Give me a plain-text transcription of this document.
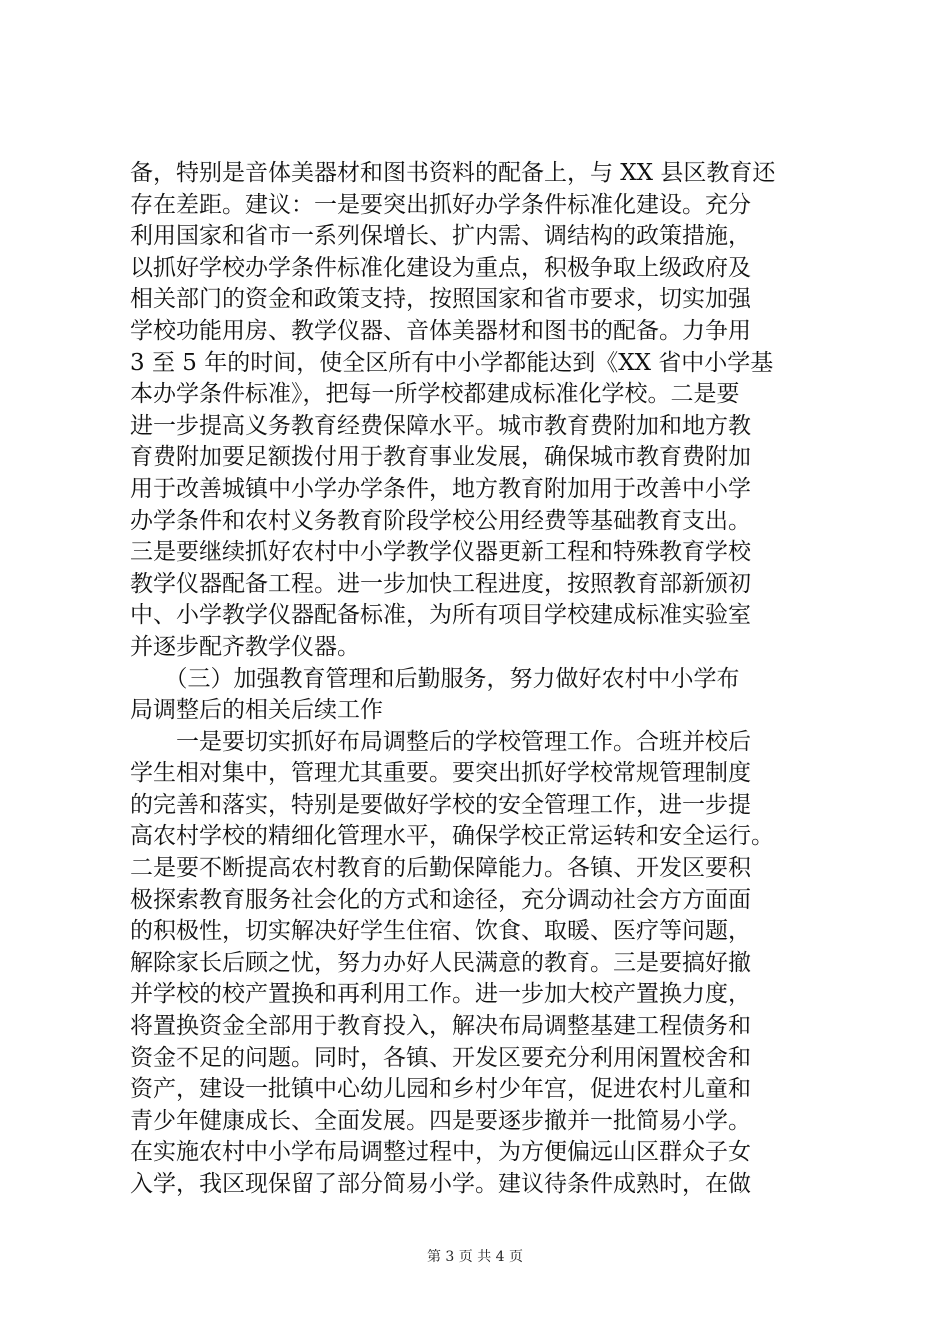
备，特别是音体美器材和图书资料的配备上，与 XX 县区教育还
存在差距。建议：一是要突出抓好办学条件标准化建设。充分
利用国家和省市一系列保增长、扩内需、调结构的政策措施，
以抓好学校办学条件标准化建设为重点，积极争取上级政府及
相关部门的资金和政策支持，按照国家和省市要求，切实加强
学校功能用房、教学仪器、音体美器材和图书的配备。力争用
3 至 5 年的时间，使全区所有中小学都能达到《XX 省中小学基
本办学条件标准》，把每一所学校都建成标准化学校。二是要
进一步提高义务教育经费保障水平。城市教育费附加和地方教
育费附加要足额拨付用于教育事业发展，确保城市教育费附加
用于改善城镇中小学办学条件，地方教育附加用于改善中小学
办学条件和农村义务教育阶段学校公用经费等基础教育支出。
三是要继续抓好农村中小学教学仪器更新工程和特殊教育学校
教学仪器配备工程。进一步加快工程进度，按照教育部新颁初
中、小学教学仪器配备标准，为所有项目学校建成标准实验室
并逐步配齐教学仪器。
　　（三）加强教育管理和后勤服务，努力做好农村中小学布
局调整后的相关后续工作
　　一是要切实抓好布局调整后的学校管理工作。合班并校后
学生相对集中，管理尤其重要。要突出抓好学校常规管理制度
的完善和落实，特别是要做好学校的安全管理工作，进一步提
高农村学校的精细化管理水平，确保学校正常运转和安全运行。
二是要不断提高农村教育的后勤保障能力。各镇、开发区要积
极探索教育服务社会化的方式和途径，充分调动社会方方面面
的积极性，切实解决好学生住宿、饮食、取暖、医疗等问题，
解除家长后顾之忧，努力办好人民满意的教育。三是要搞好撤
并学校的校产置换和再利用工作。进一步加大校产置换力度，
将置换资金全部用于教育投入，解决布局调整基建工程债务和
资金不足的问题。同时，各镇、开发区要充分利用闲置校舍和
资产，建设一批镇中心幼儿园和乡村少年宫，促进农村儿童和
青少年健康成长、全面发展。四是要逐步撤并一批简易小学。
在实施农村中小学布局调整过程中，为方便偏远山区群众子女
入学，我区现保留了部分简易小学。建议待条件成熟时，在做
第 3 页 共 4 页
